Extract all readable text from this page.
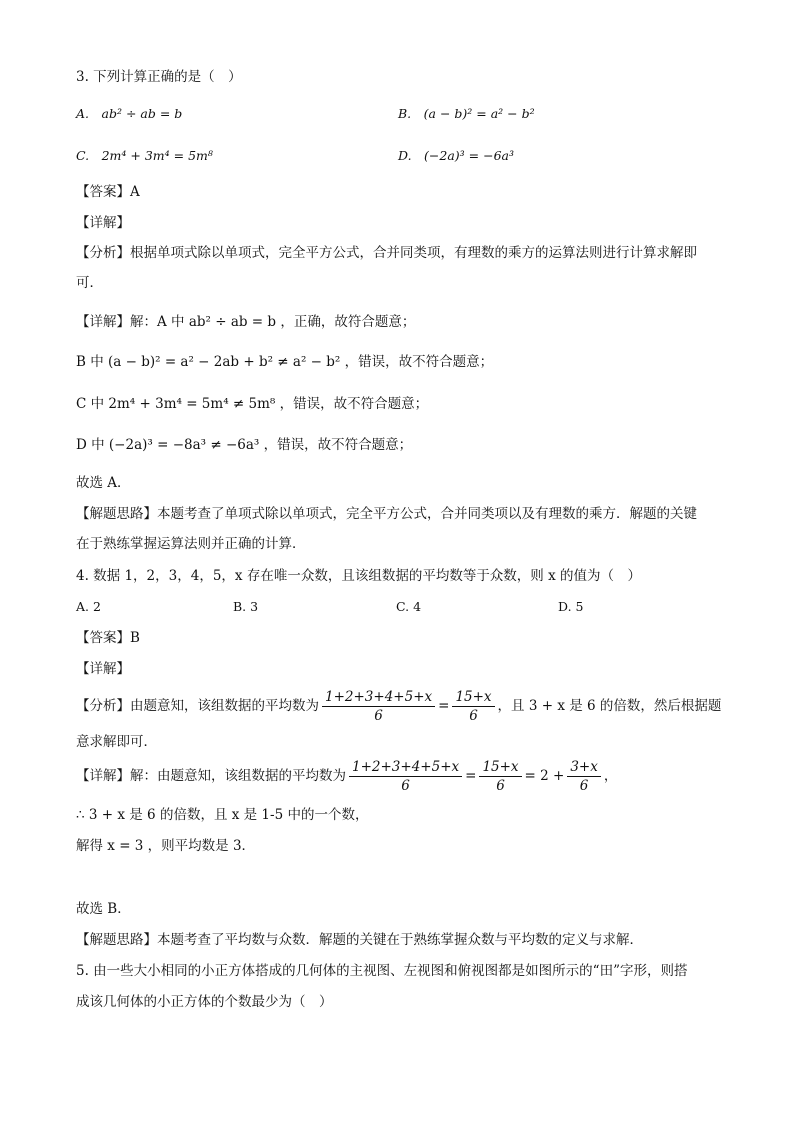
3. 下列计算正确的是（　）
A.　ab² ÷ ab = b	B.　(a − b)² = a² − b²
C.　2m⁴ + 3m⁴ = 5m⁸	D.　(−2a)³ = −6a³
【答案】A
【详解】
【分析】根据单项式除以单项式，完全平方公式，合并同类项，有理数的乘方的运算法则进行计算求解即
可．
【详解】解：A 中 ab² ÷ ab = b ，正确，故符合题意；
B 中 (a − b)² = a² − 2ab + b² ≠ a² − b² ，错误，故不符合题意；
C 中 2m⁴ + 3m⁴ = 5m⁴ ≠ 5m⁸ ，错误，故不符合题意；
D 中 (−2a)³ = −8a³ ≠ −6a³ ，错误，故不符合题意；
故选 A．
【解题思路】本题考查了单项式除以单项式，完全平方公式，合并同类项以及有理数的乘方．解题的关键
在于熟练掌握运算法则并正确的计算．
4. 数据 1，2，3，4，5，x 存在唯一众数，且该组数据的平均数等于众数，则 x 的值为（　）
A. 2	B. 3	C. 4	D. 5
【答案】B
【详解】
【分析】由题意知，该组数据的平均数为 $\frac{1+2+3+4+5+x}{6} = \frac{15+x}{6}$ ，且 3 + x 是 6 的倍数，然后根据题
意求解即可．
【详解】解：由题意知，该组数据的平均数为 $\frac{1+2+3+4+5+x}{6} = \frac{15+x}{6} = 2 + \frac{3+x}{6}$ ，
∴ 3 + x 是 6 的倍数，且 x 是 1-5 中的一个数，
解得 x = 3 ，则平均数是 3．
故选 B．
【解题思路】本题考查了平均数与众数．解题的关键在于熟练掌握众数与平均数的定义与求解．
5. 由一些大小相同的小正方体搭成的几何体的主视图、左视图和俯视图都是如图所示的“田”字形，则搭
成该几何体的小正方体的个数最少为（　）
